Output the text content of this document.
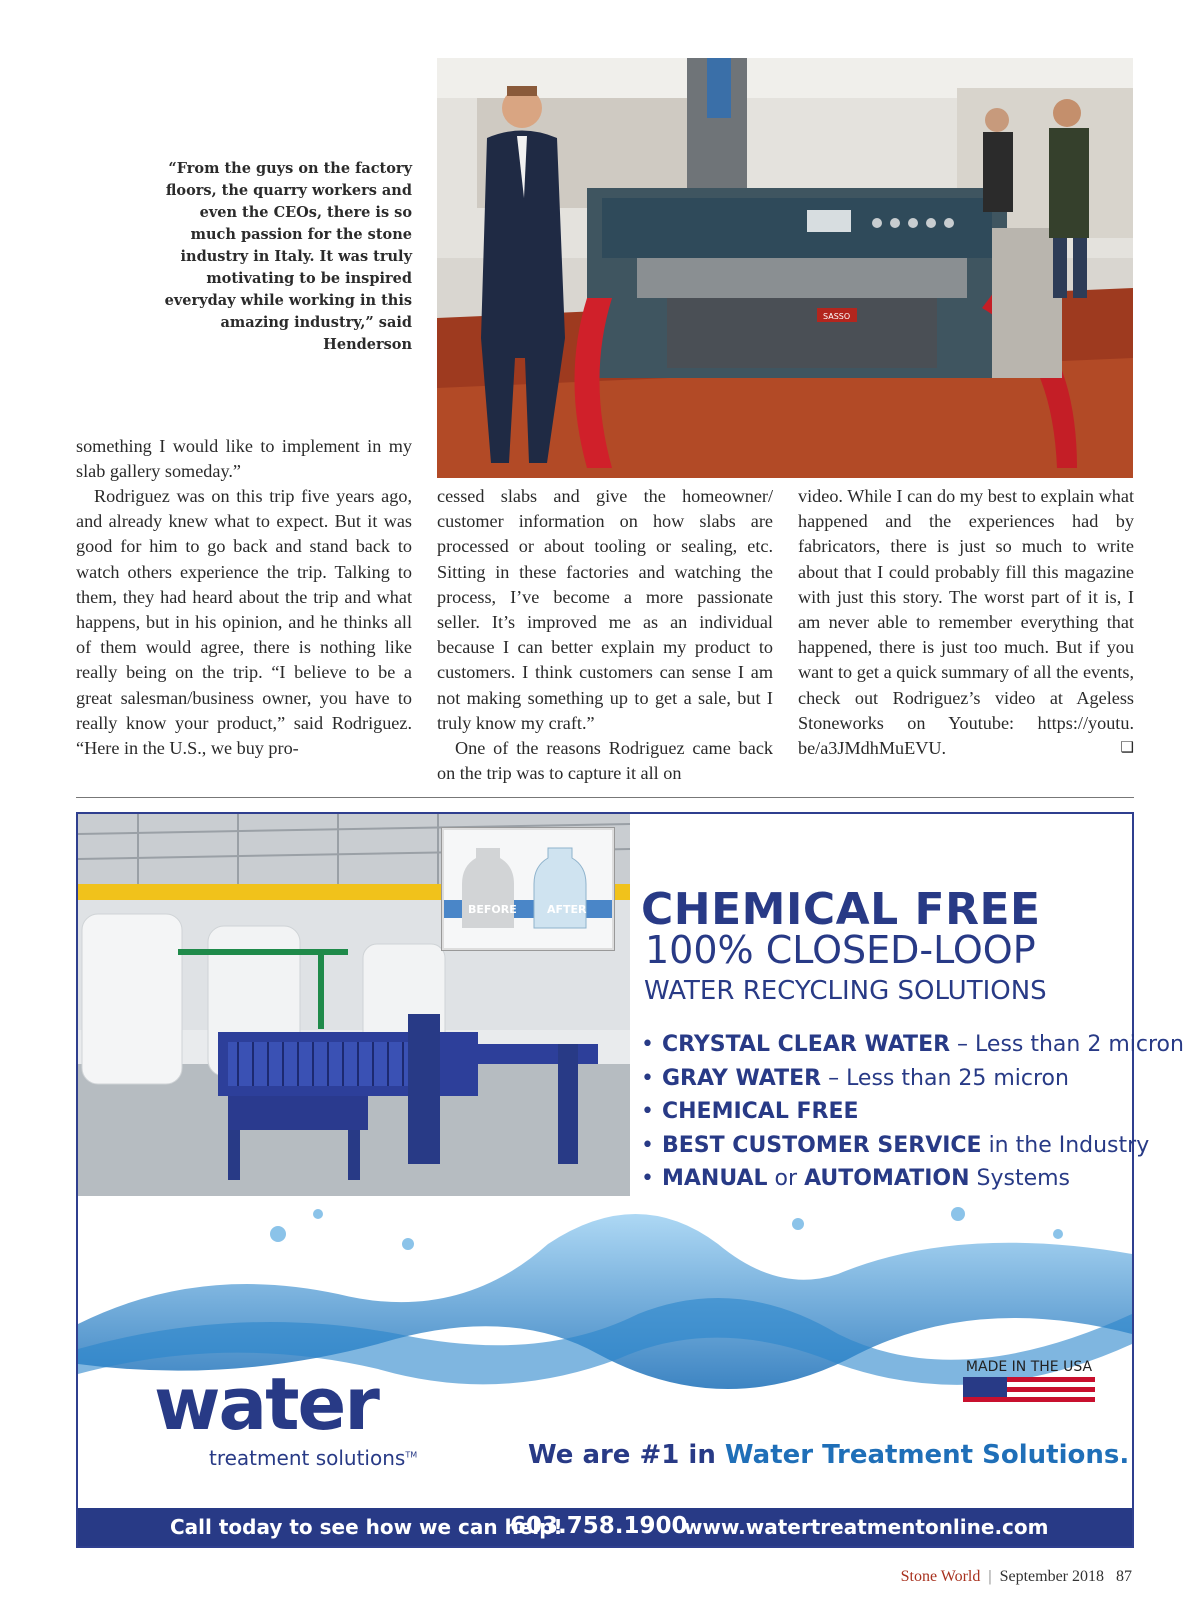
SASSO
“From the guys on the factory floors, the quarry workers and even the CEOs, there is so much passion for the stone industry in Italy. It was truly motivating to be inspired everyday while working in this amazing industry,” said Henderson

something I would like to implement in my slab gallery someday.”

Rodriguez was on this trip five years ago, and already knew what to expect. But it was good for him to go back and stand back to watch others experience the trip. Talking to them, they had heard about the trip and what happens, but in his opinion, and he thinks all of them would agree, there is nothing like really being on the trip. “I believe to be a great salesman/business owner, you have to really know your product,” said Rodriguez. “Here in the U.S., we buy pro-

cessed slabs and give the homeowner/ customer information on how slabs are processed or about tooling or sealing, etc. Sitting in these factories and watching the process, I’ve become a more passionate seller. It’s improved me as an individual because I can better explain my product to customers. I think customers can sense I am not making something up to get a sale, but I truly know my craft.”

One of the reasons Rodriguez came back on the trip was to capture it all on

video. While I can do my best to explain what happened and the experiences had by fabricators, there is just so much to write about that I could probably fill this magazine with just this story. The worst part of it is, I am never able to remember everything that happened, there is just too much. But if you want to get a quick summary of all the events, check out Rodriguez’s video at Ageless Stoneworks on Youtube: https://youtu. be/a3JMdhMuEVU.	❑

BEFORE	AFTER CHEMICAL FREE
100% CLOSED-LOOP
WATER RECYCLING SOLUTIONS
• CRYSTAL CLEAR WATER – Less than 2 micron
• GRAY WATER – Less than 25 micron
• CHEMICAL FREE
• BEST CUSTOMER SERVICE in the Industry
• MANUAL or AUTOMATION Systems
MADE IN THE USA
water
treatment solutions™	We are #1 in Water Treatment Solutions.
Call today to see how we can help!
603.758.1900
www.watertreatmentonline.com
Stone World | September 2018 87
